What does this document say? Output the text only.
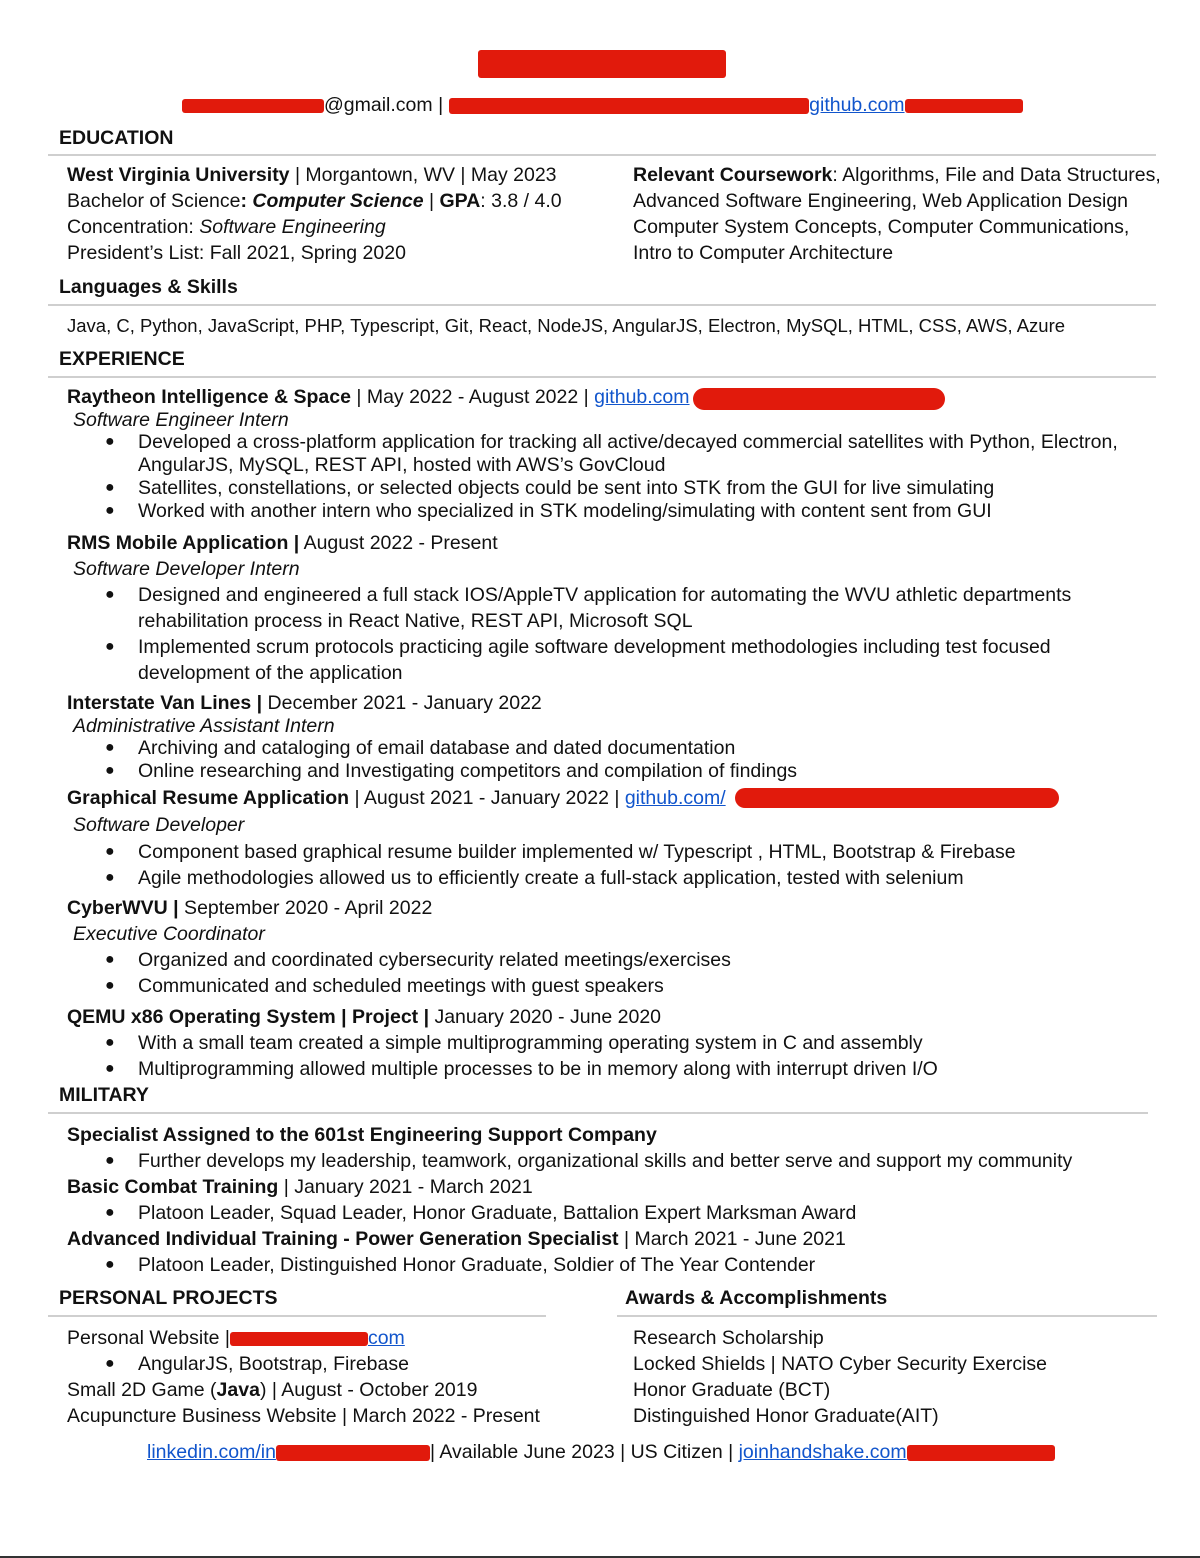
@gmail.com |	github.com
EDUCATION
West Virginia University | Morgantown, WV | May 2023
Bachelor of Science: Computer Science | GPA: 3.8 / 4.0
Concentration: Software Engineering
President’s List: Fall 2021, Spring 2020
Relevant Coursework: Algorithms, File and Data Structures,
Advanced Software Engineering, Web Application Design
Computer System Concepts, Computer Communications,
Intro to Computer Architecture
Languages & Skills
Java, C, Python, JavaScript, PHP, Typescript, Git, React, NodeJS, AngularJS, Electron, MySQL, HTML, CSS, AWS, Azure
EXPERIENCE
Raytheon Intelligence & Space | May 2022 - August 2022 | github.com
Software Engineer Intern
● Developed a cross-platform application for tracking all active/decayed commercial satellites with Python, Electron,
AngularJS, MySQL, REST API, hosted with AWS’s GovCloud
● Satellites, constellations, or selected objects could be sent into STK from the GUI for live simulating
● Worked with another intern who specialized in STK modeling/simulating with content sent from GUI
RMS Mobile Application | August 2022 - Present
Software Developer Intern
● Designed and engineered a full stack IOS/AppleTV application for automating the WVU athletic departments
rehabilitation process in React Native, REST API, Microsoft SQL
● Implemented scrum protocols practicing agile software development methodologies including test focused
development of the application
Interstate Van Lines | December 2021 - January 2022
Administrative Assistant Intern
● Archiving and cataloging of email database and dated documentation
● Online researching and Investigating competitors and compilation of findings
Graphical Resume Application | August 2021 - January 2022 | github.com/
Software Developer
● Component based graphical resume builder implemented w/ Typescript , HTML, Bootstrap & Firebase
● Agile methodologies allowed us to efficiently create a full-stack application, tested with selenium
CyberWVU | September 2020 - April 2022
Executive Coordinator
● Organized and coordinated cybersecurity related meetings/exercises
● Communicated and scheduled meetings with guest speakers
QEMU x86 Operating System | Project | January 2020 - June 2020
● With a small team created a simple multiprogramming operating system in C and assembly
● Multiprogramming allowed multiple processes to be in memory along with interrupt driven I/O
MILITARY
Specialist Assigned to the 601st Engineering Support Company
● Further develops my leadership, teamwork, organizational skills and better serve and support my community
Basic Combat Training | January 2021 - March 2021
● Platoon Leader, Squad Leader, Honor Graduate, Battalion Expert Marksman Award
Advanced Individual Training - Power Generation Specialist | March 2021 - June 2021
● Platoon Leader, Distinguished Honor Graduate, Soldier of The Year Contender
PERSONAL PROJECTS
Personal Website |	com
● AngularJS, Bootstrap, Firebase
Small 2D Game (Java) | August - October 2019
Acupuncture Business Website | March 2022 - Present
Awards & Accomplishments
Research Scholarship
Locked Shields | NATO Cyber Security Exercise
Honor Graduate (BCT)
Distinguished Honor Graduate(AIT)
linkedin.com/in	| Available June 2023 | US Citizen | joinhandshake.com
